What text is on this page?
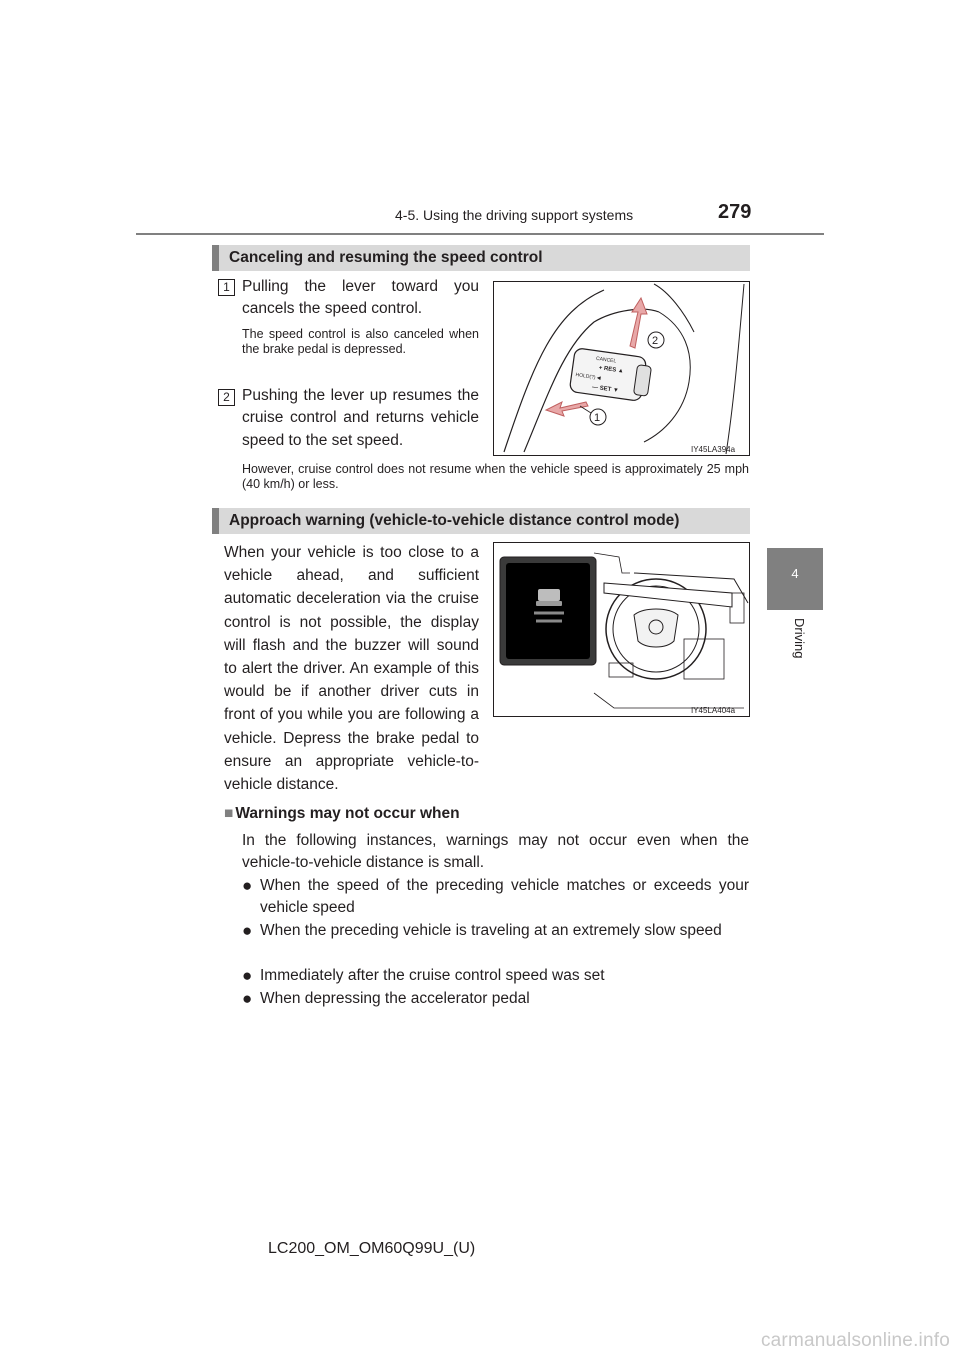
4-5. Using the driving support systems	279
4
Driving
Canceling and resuming the speed control
1 Pulling the lever toward you cancels the speed control.
The speed control is also canceled when the brake pedal is depressed.
2 Pushing the lever up resumes the cruise control and returns vehicle speed to the set speed.
However, cruise control does not resume when the vehicle speed is approximately 25 mph (40 km/h) or less.
CANCEL
+ RES ▲
HOLD(?) ◀
— SET ▼
2
1
IY45LA394a
Approach warning (vehicle-to-vehicle distance control mode)
When your vehicle is too close to a vehicle ahead, and sufficient automatic deceleration via the cruise control is not possible, the display will flash and the buzzer will sound to alert the driver. An example of this would be if another driver cuts in front of you while you are following a vehicle. Depress the brake pedal to ensure an appropriate vehicle-to-vehicle distance.
IY45LA404a
■ Warnings may not occur when
In the following instances, warnings may not occur even when the vehicle-to-vehicle distance is small.
● When the speed of the preceding vehicle matches or exceeds your vehicle speed
● When the preceding vehicle is traveling at an extremely slow speed
● Immediately after the cruise control speed was set
● When depressing the accelerator pedal
LC200_OM_OM60Q99U_(U)
carmanualsonline.info
